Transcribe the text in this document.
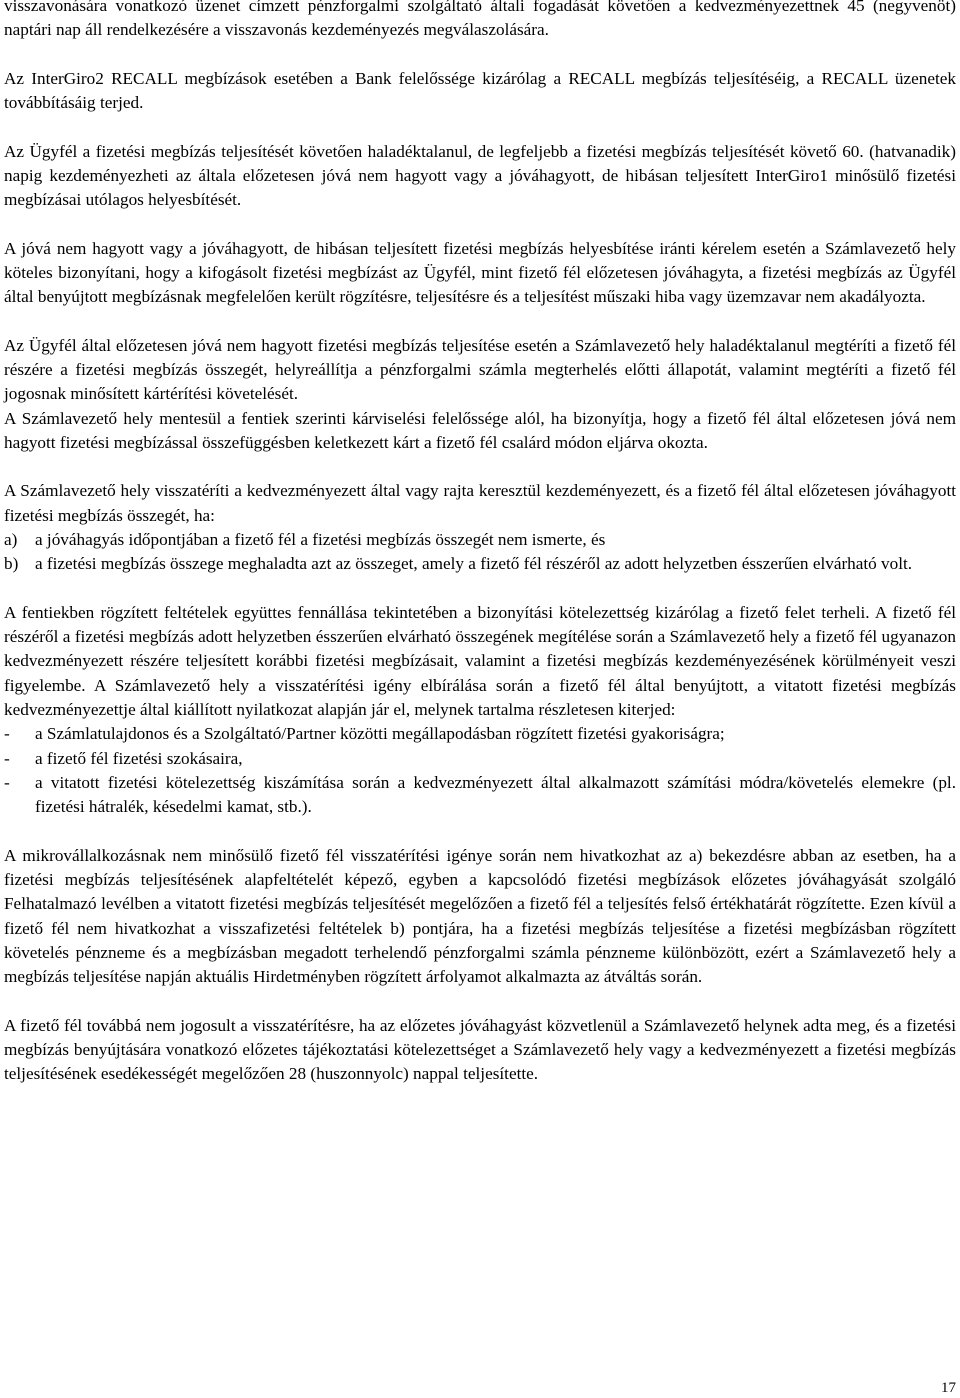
visszavonására vonatkozó üzenet címzett pénzforgalmi szolgáltató általi fogadását követően a kedvezményezettnek 45 (negyvenöt) naptári nap áll rendelkezésére a visszavonás kezdeményezés megválaszolására.

Az InterGiro2 RECALL megbízások esetében a Bank felelőssége kizárólag a RECALL megbízás teljesítéséig, a RECALL üzenetek továbbításáig terjed.

Az Ügyfél a fizetési megbízás teljesítését követően haladéktalanul, de legfeljebb a fizetési megbízás teljesítését követő 60. (hatvanadik) napig kezdeményezheti az általa előzetesen jóvá nem hagyott vagy a jóváhagyott, de hibásan teljesített InterGiro1 minősülő fizetési megbízásai utólagos helyesbítését.

A jóvá nem hagyott vagy a jóváhagyott, de hibásan teljesített fizetési megbízás helyesbítése iránti kérelem esetén a Számlavezető hely köteles bizonyítani, hogy a kifogásolt fizetési megbízást az Ügyfél, mint fizető fél előzetesen jóváhagyta, a fizetési megbízás az Ügyfél által benyújtott megbízásnak megfelelően került rögzítésre, teljesítésre és a teljesítést műszaki hiba vagy üzemzavar nem akadályozta.

Az Ügyfél által előzetesen jóvá nem hagyott fizetési megbízás teljesítése esetén a Számlavezető hely haladéktalanul megtéríti a fizető fél részére a fizetési megbízás összegét, helyreállítja a pénzforgalmi számla megterhelés előtti állapotát, valamint megtéríti a fizető fél jogosnak minősített kártérítési követelését.

A Számlavezető hely mentesül a fentiek szerinti kárviselési felelőssége alól, ha bizonyítja, hogy a fizető fél által előzetesen jóvá nem hagyott fizetési megbízással összefüggésben keletkezett kárt a fizető fél csalárd módon eljárva okozta.

A Számlavezető hely visszatéríti a kedvezményezett által vagy rajta keresztül kezdeményezett, és a fizető fél által előzetesen jóváhagyott fizetési megbízás összegét, ha:

a)	a jóváhagyás időpontjában a fizető fél a fizetési megbízás összegét nem ismerte, és
b) a fizetési megbízás összege meghaladta azt az összeget, amely a fizető fél részéről az adott helyzetben ésszerűen elvárható volt.

A fentiekben rögzített feltételek együttes fennállása tekintetében a bizonyítási kötelezettség kizárólag a fizető felet terheli. A fizető fél részéről a fizetési megbízás adott helyzetben ésszerűen elvárható összegének megítélése során a Számlavezető hely a fizető fél ugyanazon kedvezményezett részére teljesített korábbi fizetési megbízásait, valamint a fizetési megbízás kezdeményezésének körülményeit veszi figyelembe. A Számlavezető hely a visszatérítési igény elbírálása során a fizető fél által benyújtott, a vitatott fizetési megbízás kedvezményezettje által kiállított nyilatkozat alapján jár el, melynek tartalma részletesen kiterjed:

-	a Számlatulajdonos és a Szolgáltató/Partner közötti megállapodásban rögzített fizetési gyakoriságra;
-	a fizető fél fizetési szokásaira,
-	a vitatott fizetési kötelezettség kiszámítása során a kedvezményezett által alkalmazott számítási módra/követelés elemekre (pl. fizetési hátralék, késedelmi kamat, stb.).

A mikrovállalkozásnak nem minősülő fizető fél visszatérítési igénye során nem hivatkozhat az a) bekezdésre abban az esetben, ha a fizetési megbízás teljesítésének alapfeltételét képező, egyben a kapcsolódó fizetési megbízások előzetes jóváhagyását szolgáló Felhatalmazó levélben a vitatott fizetési megbízás teljesítését megelőzően a fizető fél a teljesítés felső értékhatárát rögzítette. Ezen kívül a fizető fél nem hivatkozhat a visszafizetési feltételek b) pontjára, ha a fizetési megbízás teljesítése a fizetési megbízásban rögzített követelés pénzneme és a megbízásban megadott terhelendő pénzforgalmi számla pénzneme különbözött, ezért a Számlavezető hely a megbízás teljesítése napján aktuális Hirdetményben rögzített árfolyamot alkalmazta az átváltás során.

A fizető fél továbbá nem jogosult a visszatérítésre, ha az előzetes jóváhagyást közvetlenül a Számlavezető helynek adta meg, és a fizetési megbízás benyújtására vonatkozó előzetes tájékoztatási kötelezettséget a Számlavezető hely vagy a kedvezményezett a fizetési megbízás teljesítésének esedékességét megelőzően 28 (huszonnyolc) nappal teljesítette.

17
